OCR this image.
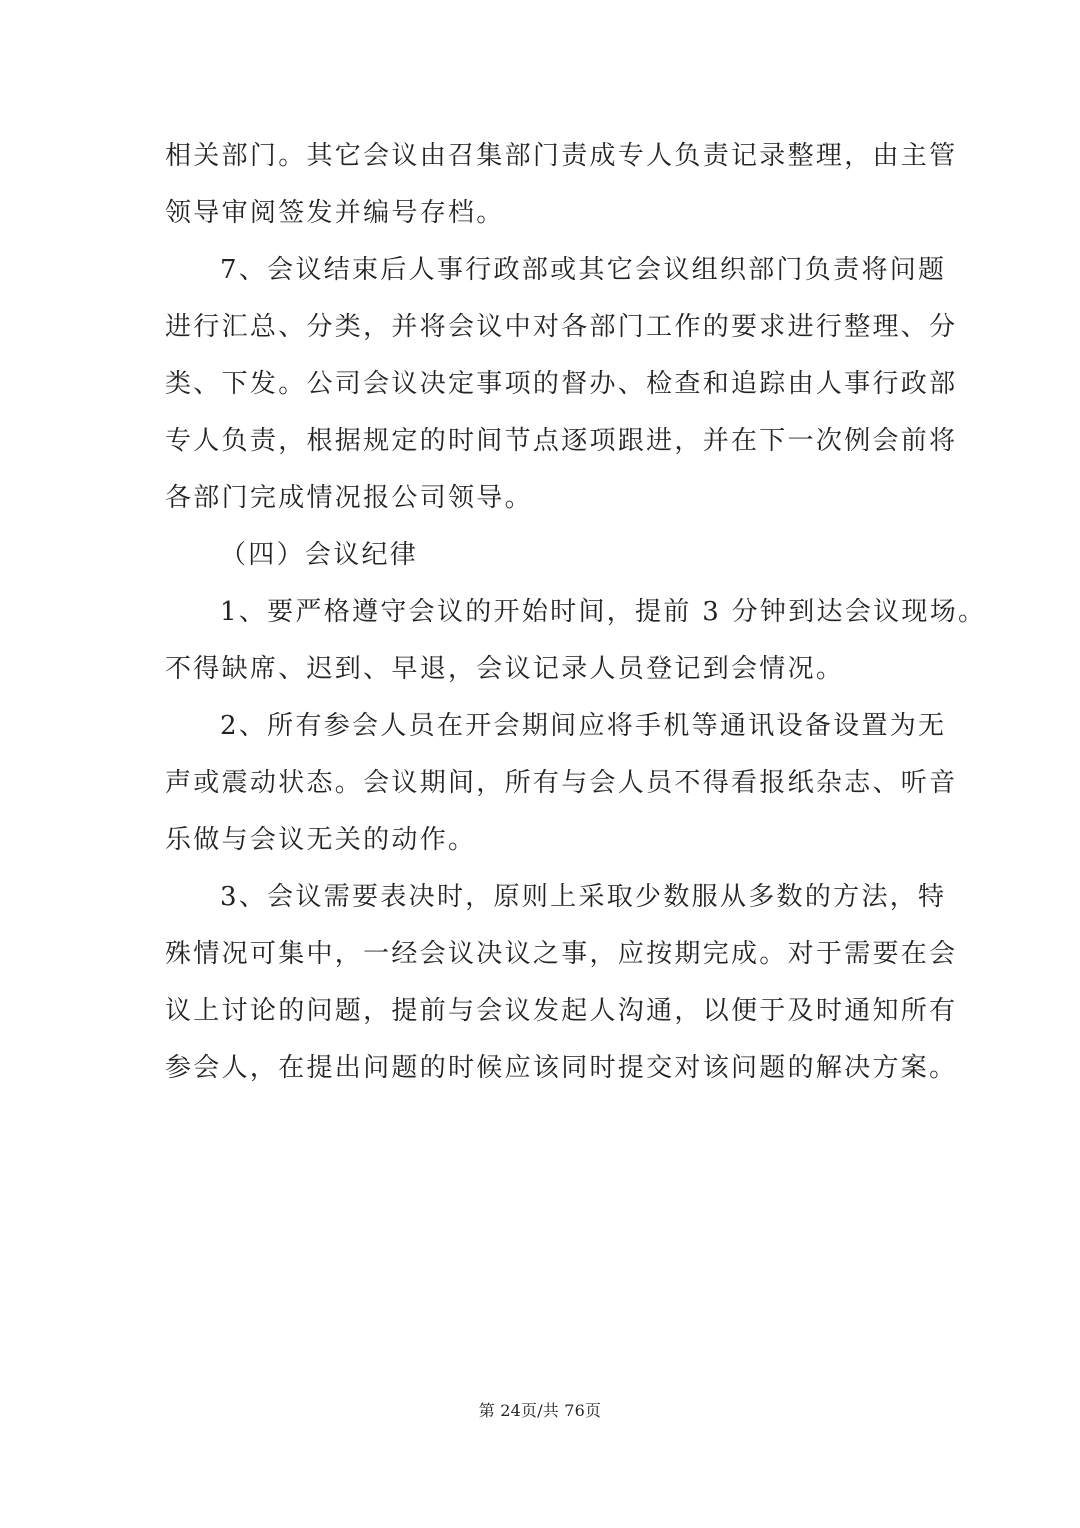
相关部门。其它会议由召集部门责成专人负责记录整理，由主管
领导审阅签发并编号存档。
7、会议结束后人事行政部或其它会议组织部门负责将问题
进行汇总、分类，并将会议中对各部门工作的要求进行整理、分
类、下发。公司会议决定事项的督办、检查和追踪由人事行政部
专人负责，根据规定的时间节点逐项跟进，并在下一次例会前将
各部门完成情况报公司领导。
（四）会议纪律
1、要严格遵守会议的开始时间，提前 3 分钟到达会议现场。
不得缺席、迟到、早退，会议记录人员登记到会情况。
2、所有参会人员在开会期间应将手机等通讯设备设置为无
声或震动状态。会议期间，所有与会人员不得看报纸杂志、听音
乐做与会议无关的动作。
3、会议需要表决时，原则上采取少数服从多数的方法，特
殊情况可集中，一经会议决议之事，应按期完成。对于需要在会
议上讨论的问题，提前与会议发起人沟通，以便于及时通知所有
参会人，在提出问题的时候应该同时提交对该问题的解决方案。
第 24页/共 76页
